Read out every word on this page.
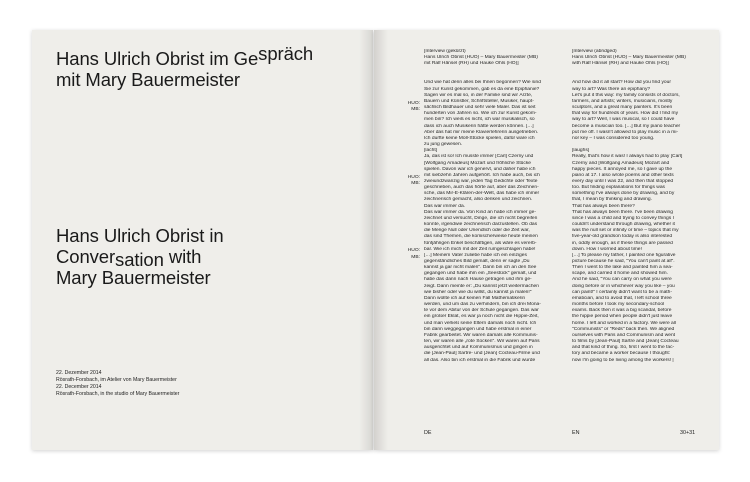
Hans Ulrich Obrist im Gespräch
mit Mary Bauermeister
Hans Ulrich Obrist in
Conversation with
Mary Bauermeister
22. Dezember 2014
Rösrath-Forsbach, im Atelier von Mary Bauermeister
22. December 2014
Rösrath-Forsbach, in the studio of Mary Bauermeister
HUO:
MB:

HUO:
MB:

HUO:
MB:
[Interview (gekürzt)
Hans Ulrich Obrist (HUO) – Mary Bauermeister (MB)
mit Ralf Hänsel (RH) und Hauke Ohls (HO)]
Und wie hat denn alles bei Ihnen begonnen? Wie sind
Sie zur Kunst gekommen, gab es da eine Epiphanie?
Sagen wir es mal so, in der Familie sind wir Ärzte,
Bauern und Künstler, Schriftsteller, Musiker, haupt-
sächlich Bildhauer und sehr viele Maler. Das ist seit
hunderten von Jahren so. Wie ich zur Kunst gekom-
men bin? Ich weiß es nicht, ich war musikalisch, so
dass ich auch Musikerin hätte werden können. […]
Aber das hat mir meine Klavierlehrerin ausgetrieben.
Ich durfte keine Moll-Stücke spielen, dafür ware ich
zu jung gewesen.
[lacht]
Ja, das ist so! Ich musste immer [Carl] Czerny und
[Wolfgang Amadeus] Mozart und fröhliche Stücke
spielen. Davon war ich genervt, und daher habe ich
mit siebzehn Jahren aufgehört. Ich habe auch, bis ich
zweiundzwanzig war, jeden Tag Gedichte oder Texte
geschrieben, auch das hörte auf, aber das Zeichnen-
sche, das Mir-E-Klären-der-Welt, das habe ich immer
zeichnerisch gemacht, also denken und zeichnen.
Das war immer da.
Das war immer da. Von Kind an habe ich immer ge-
zeichnet und versucht, Dinge, die ich nicht begreifen
konnte, irgendwie zeichnerisch darzustellen. Ob das
die Menge Null oder Unendlich oder die Zeit war,
das sind Themen, die komischerweise heute meinen
fünfjährigen Enkel beschäftigen, als wäre es vererb-
bar. Wie ich mich mit der Zeit rumgeschlagen habe!
[…] Meinem Vater zuliebe habe ich ein einziges
gegenständliches Bild gemalt, denn er sagte „Du
kannst ja gar nicht malen". Dann bin ich an den See
gegangen und habe ihm ein „Seestück" gemalt, und
habe das dann nach Hause getragen und ihm ge-
zeigt. Dann meinte er: „Du kannst jetzt weitermachen
wie bisher oder wie du willst, du kannst ja malen!"
Dann wollte ich auf keinen Fall Mathematikerin
werden, und um das zu verhindern, bin ich drei Mona-
te vor dem Abitur von der Schule gegangen. Das war
ein großer Eklat, es war ja noch nicht die Hippie-Zeit,
und man verließ seine Eltern damals noch nicht. Ich
bin dann weggegangen und habe erstmal in einer
Fabrik gearbeitet. Wir waren damals alle Kommunis-
ten, wir waren alle „rote Socken". Wir waren auf Paris
ausgerichtet und auf Kommunismus und gingen in
die [Jean-Paul] Sartre- und [Jean] Cocteau-Filme und
all das. Also bin ich erstmal in die Fabrik und wurde
[Interview (abridged)
Hans Ulrich Obrist (HUO) – Mary Bauermeister (MB)
with Ralf Hänsel (RH) and Hauke Ohls (HO)]
And how did it all start? How did you find your
way to art? Was there an epiphany?
Let's put it this way: my family consists of doctors,
farmers, and artists; writers, musicians, mostly
sculptors, and a great many painters. It's been
that way for hundreds of years. How did I find my
way to art? Well, I was musical, so I could have
become a musician too. […] But my piano teacher
put me off. I wasn't allowed to play music in a mi-
nor key – I was considered too young.

[laughs]
Really, that's how it was! I always had to play [Carl]
Czerny and [Wolfgang Amadeus] Mozart and
happy pieces. It annoyed me, so I gave up the
piano at 17. I also wrote poems and other texts
every day until I was 22, and then that stopped
too. But finding explanations for things was
something I've always done by drawing, and by
that, I mean by thinking and drawing.
That has always been there?
That has always been there. I've been drawing
since I was a child and trying to convey things I
couldn't understand through drawing, whether it
was the null set or infinity or time – topics that my
five-year-old grandson today is also interested
in, oddly enough, as if these things are passed
down. How I worried about time!
[…] To please my father, I painted one figurative
picture because he said, "You can't paint at all".
Then I went to the lake and painted him a sea-
scape, and carried it home and showed him.
And he said, "You can carry on what you were
doing before or in whichever way you like – you
can paint!" I certainly didn't want to be a math-
ematician, and to avoid that, I left school three
months before I took my secondary-school
exams. Back then it was a big scandal, before
the hippie period when people didn't just leave
home. I left and worked in a factory. We were all
"Communists" or "Reds" back then. We aligned
ourselves with Paris and Communism and went
to films by [Jean-Paul] Sartre and [Jean] Cocteau
and that kind of thing. So, first I went to the fac-
tory and became a worker because I thought:
now I'm going to be living among the workers! |
DE	EN	30+31
